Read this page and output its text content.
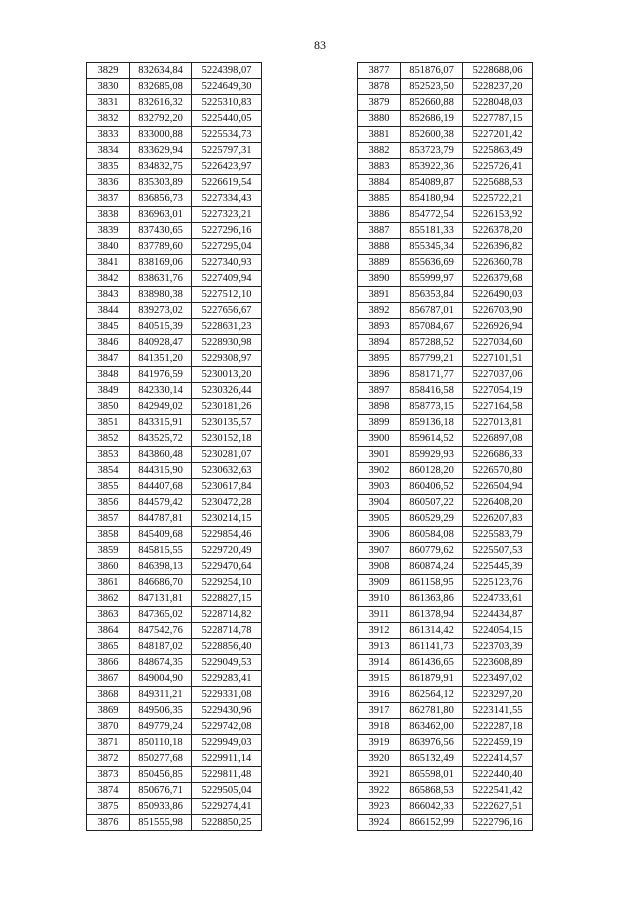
83
3829	832634,84	5224398,07
3830	832685,08	5224649,30
3831	832616,32	5225310,83
3832	832792,20	5225440,05
3833	833000,88	5225534,73
3834	833629,94	5225797,31
3835	834832,75	5226423,97
3836	835303,89	5226619,54
3837	836856,73	5227334,43
3838	836963,01	5227323,21
3839	837430,65	5227296,16
3840	837789,60	5227295,04
3841	838169,06	5227340,93
3842	838631,76	5227409,94
3843	838980,38	5227512,10
3844	839273,02	5227656,67
3845	840515,39	5228631,23
3846	840928,47	5228930,98
3847	841351,20	5229308,97
3848	841976,59	5230013,20
3849	842330,14	5230326,44
3850	842949,02	5230181,26
3851	843315,91	5230135,57
3852	843525,72	5230152,18
3853	843860,48	5230281,07
3854	844315,90	5230632,63
3855	844407,68	5230617,84
3856	844579,42	5230472,28
3857	844787,81	5230214,15
3858	845409,68	5229854,46
3859	845815,55	5229720,49
3860	846398,13	5229470,64
3861	846686,70	5229254,10
3862	847131,81	5228827,15
3863	847365,02	5228714,82
3864	847542,76	5228714,78
3865	848187,02	5228856,40
3866	848674,35	5229049,53
3867	849004,90	5229283,41
3868	849311,21	5229331,08
3869	849506,35	5229430,96
3870	849779,24	5229742,08
3871	850110,18	5229949,03
3872	850277,68	5229911,14
3873	850456,85	5229811,48
3874	850676,71	5229505,04
3875	850933,86	5229274,41
3876	851555,98	5228850,25
3877	851876,07	5228688,06
3878	852523,50	5228237,20
3879	852660,88	5228048,03
3880	852686,19	5227787,15
3881	852600,38	5227201,42
3882	853723,79	5225863,49
3883	853922,36	5225726,41
3884	854089,87	5225688,53
3885	854180,94	5225722,21
3886	854772,54	5226153,92
3887	855181,33	5226378,20
3888	855345,34	5226396,82
3889	855636,69	5226360,78
3890	855999,97	5226379,68
3891	856353,84	5226490,03
3892	856787,01	5226703,90
3893	857084,67	5226926,94
3894	857288,52	5227034,60
3895	857799,21	5227101,51
3896	858171,77	5227037,06
3897	858416,58	5227054,19
3898	858773,15	5227164,58
3899	859136,18	5227013,81
3900	859614,52	5226897,08
3901	859929,93	5226686,33
3902	860128,20	5226570,80
3903	860406,52	5226504,94
3904	860507,22	5226408,20
3905	860529,29	5226207,83
3906	860584,08	5225583,79
3907	860779,62	5225507,53
3908	860874,24	5225445,39
3909	861158,95	5225123,76
3910	861363,86	5224733,61
3911	861378,94	5224434,87
3912	861314,42	5224054,15
3913	861141,73	5223703,39
3914	861436,65	5223608,89
3915	861879,91	5223497,02
3916	862564,12	5223297,20
3917	862781,80	5223141,55
3918	863462,00	5222287,18
3919	863976,56	5222459,19
3920	865132,49	5222414,57
3921	865598,01	5222440,40
3922	865868,53	5222541,42
3923	866042,33	5222627,51
3924	866152,99	5222796,16
